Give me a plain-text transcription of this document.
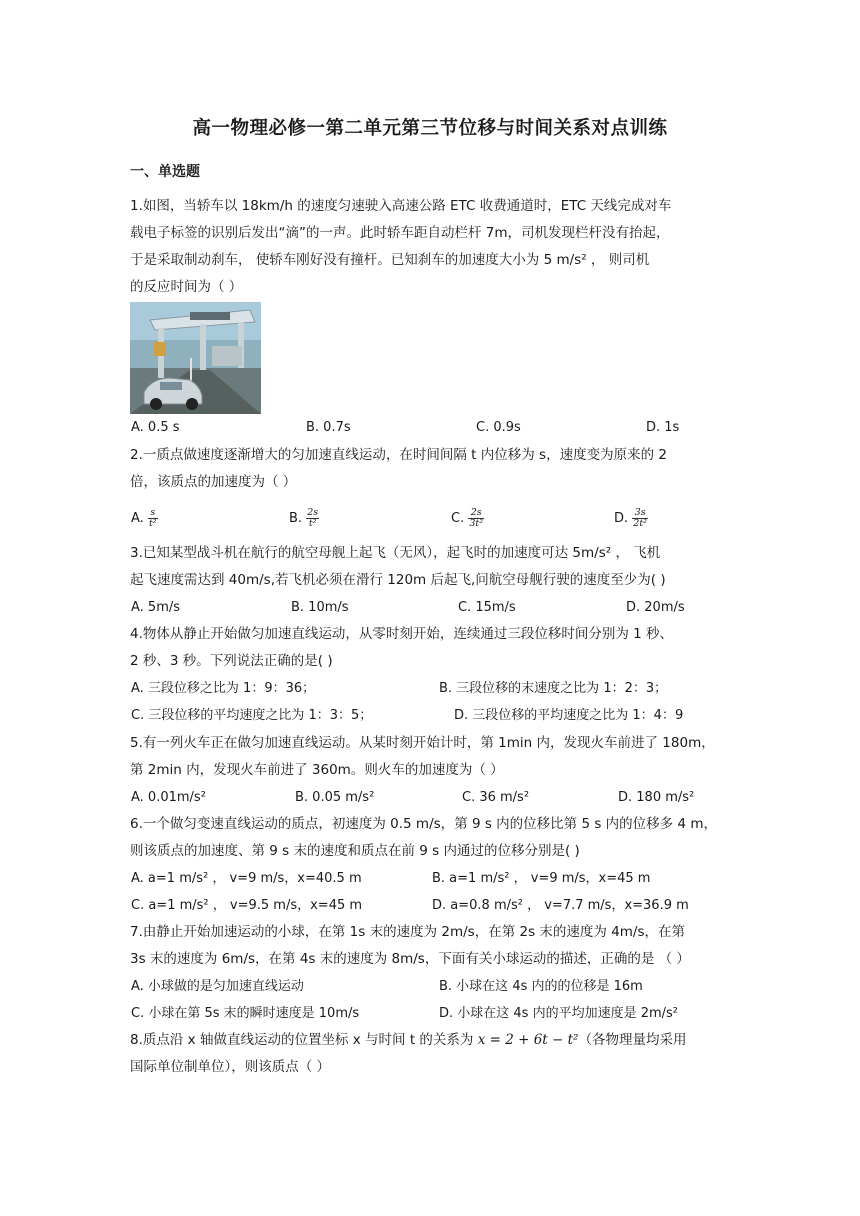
高一物理必修一第二单元第三节位移与时间关系对点训练
一、单选题
1.如图，当轿车以 18km/h 的速度匀速驶入高速公路 ETC 收费通道时，ETC 天线完成对车
载电子标签的识别后发出“滴”的一声。此时轿车距自动栏杆 7m，司机发现栏杆没有抬起，
于是采取制动刹车， 使轿车刚好没有撞杆。已知刹车的加速度大小为 5 m/s² ， 则司机
的反应时间为（ ）
A. 0.5 s	B. 0.7s	C. 0.9s	D. 1s
2.一质点做速度逐渐增大的匀加速直线运动，在时间间隔 t 内位移为 s，速度变为原来的 2
倍，该质点的加速度为（ ）
A. $\frac{s}{\text{t²}}$	B. $\frac{2s}{\text{t²}}$	C. $\frac{2s}{\text{3t²}}$	D. $\frac{3s}{\text{2t²}}$
3.已知某型战斗机在航行的航空母舰上起飞（无风），起飞时的加速度可达 5m/s² ， 飞机
起飞速度需达到 40m/s,若飞机必须在滑行 120m 后起飞,问航空母舰行驶的速度至少为( )
A. 5m/s	B. 10m/s	C. 15m/s	D. 20m/s
4.物体从静止开始做匀加速直线运动，从零时刻开始，连续通过三段位移时间分别为 1 秒、
2 秒、3 秒。下列说法正确的是( )
A. 三段位移之比为 1：9：36；	B. 三段位移的末速度之比为 1：2：3；
C. 三段位移的平均速度之比为 1：3：5；	D. 三段位移的平均速度之比为 1：4：9
5.有一列火车正在做匀加速直线运动。从某时刻开始计时，第 1min 内，发现火车前进了 180m，
第 2min 内，发现火车前进了 360m。则火车的加速度为（ ）
A. 0.01m/s²	B. 0.05 m/s²	C. 36 m/s²	D. 180 m/s²
6.一个做匀变速直线运动的质点，初速度为 0.5 m/s，第 9 s 内的位移比第 5 s 内的位移多 4 m，
则该质点的加速度、第 9 s 末的速度和质点在前 9 s 内通过的位移分别是( )
A. a=1 m/s² ， v=9 m/s，x=40.5 m	B. a=1 m/s² ， v=9 m/s，x=45 m
C. a=1 m/s² ， v=9.5 m/s，x=45 m	D. a=0.8 m/s² ， v=7.7 m/s，x=36.9 m
7.由静止开始加速运动的小球，在第 1s 末的速度为 2m/s，在第 2s 末的速度为 4m/s，在第
3s 末的速度为 6m/s，在第 4s 末的速度为 8m/s，下面有关小球运动的描述，正确的是 （ ）
A. 小球做的是匀加速直线运动	B. 小球在这 4s 内的的位移是 16m
C. 小球在第 5s 末的瞬时速度是 10m/s	D. 小球在这 4s 内的平均加速度是 2m/s²
8.质点沿 x 轴做直线运动的位置坐标 x 与时间 t 的关系为 x = 2 + 6t − t²（各物理量均采用
国际单位制单位），则该质点（ ）
